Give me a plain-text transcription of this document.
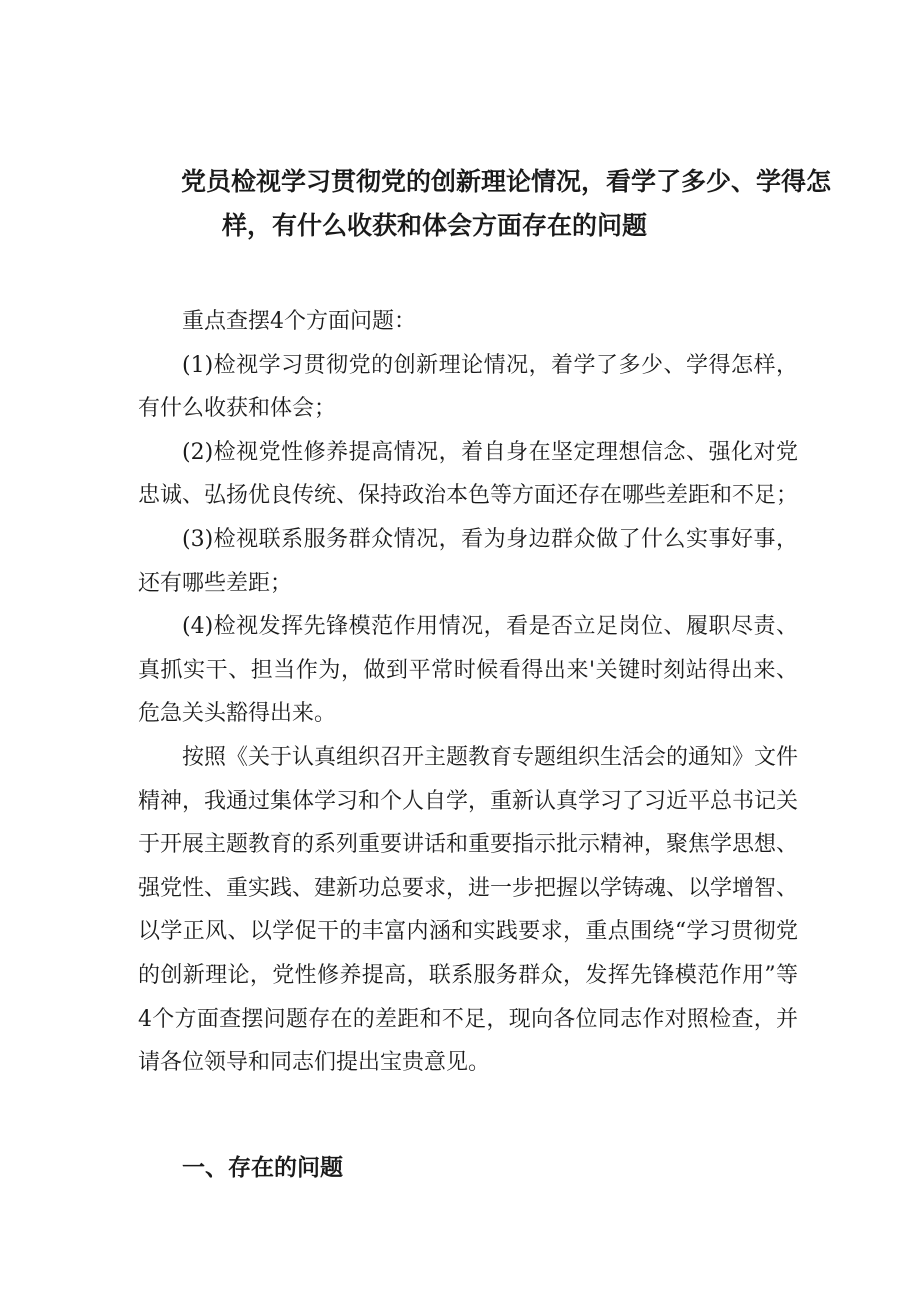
党员检视学习贯彻党的创新理论情况，看学了多少、学得怎
样，有什么收获和体会方面存在的问题

重点查摆4个方面问题：

(1)检视学习贯彻党的创新理论情况，着学了多少、学得怎样，有什么收获和体会；

(2)检视党性修养提高情况，着自身在坚定理想信念、强化对党忠诚、弘扬优良传统、保持政治本色等方面还存在哪些差距和不足；

(3)检视联系服务群众情况，看为身边群众做了什么实事好事，还有哪些差距；

(4)检视发挥先锋模范作用情况，看是否立足岗位、履职尽责、真抓实干、担当作为，做到平常时候看得出来'关键时刻站得出来、危急关头豁得出来。

按照《关于认真组织召开主题教育专题组织生活会的通知》文件精神，我通过集体学习和个人自学，重新认真学习了习近平总书记关于开展主题教育的系列重要讲话和重要指示批示精神，聚焦学思想、强党性、重实践、建新功总要求，进一步把握以学铸魂、以学增智、以学正风、以学促干的丰富内涵和实践要求，重点围绕“学习贯彻党的创新理论，党性修养提高，联系服务群众，发挥先锋模范作用”等4个方面查摆问题存在的差距和不足，现向各位同志作对照检查，并请各位领导和同志们提出宝贵意见。

一、存在的问题
